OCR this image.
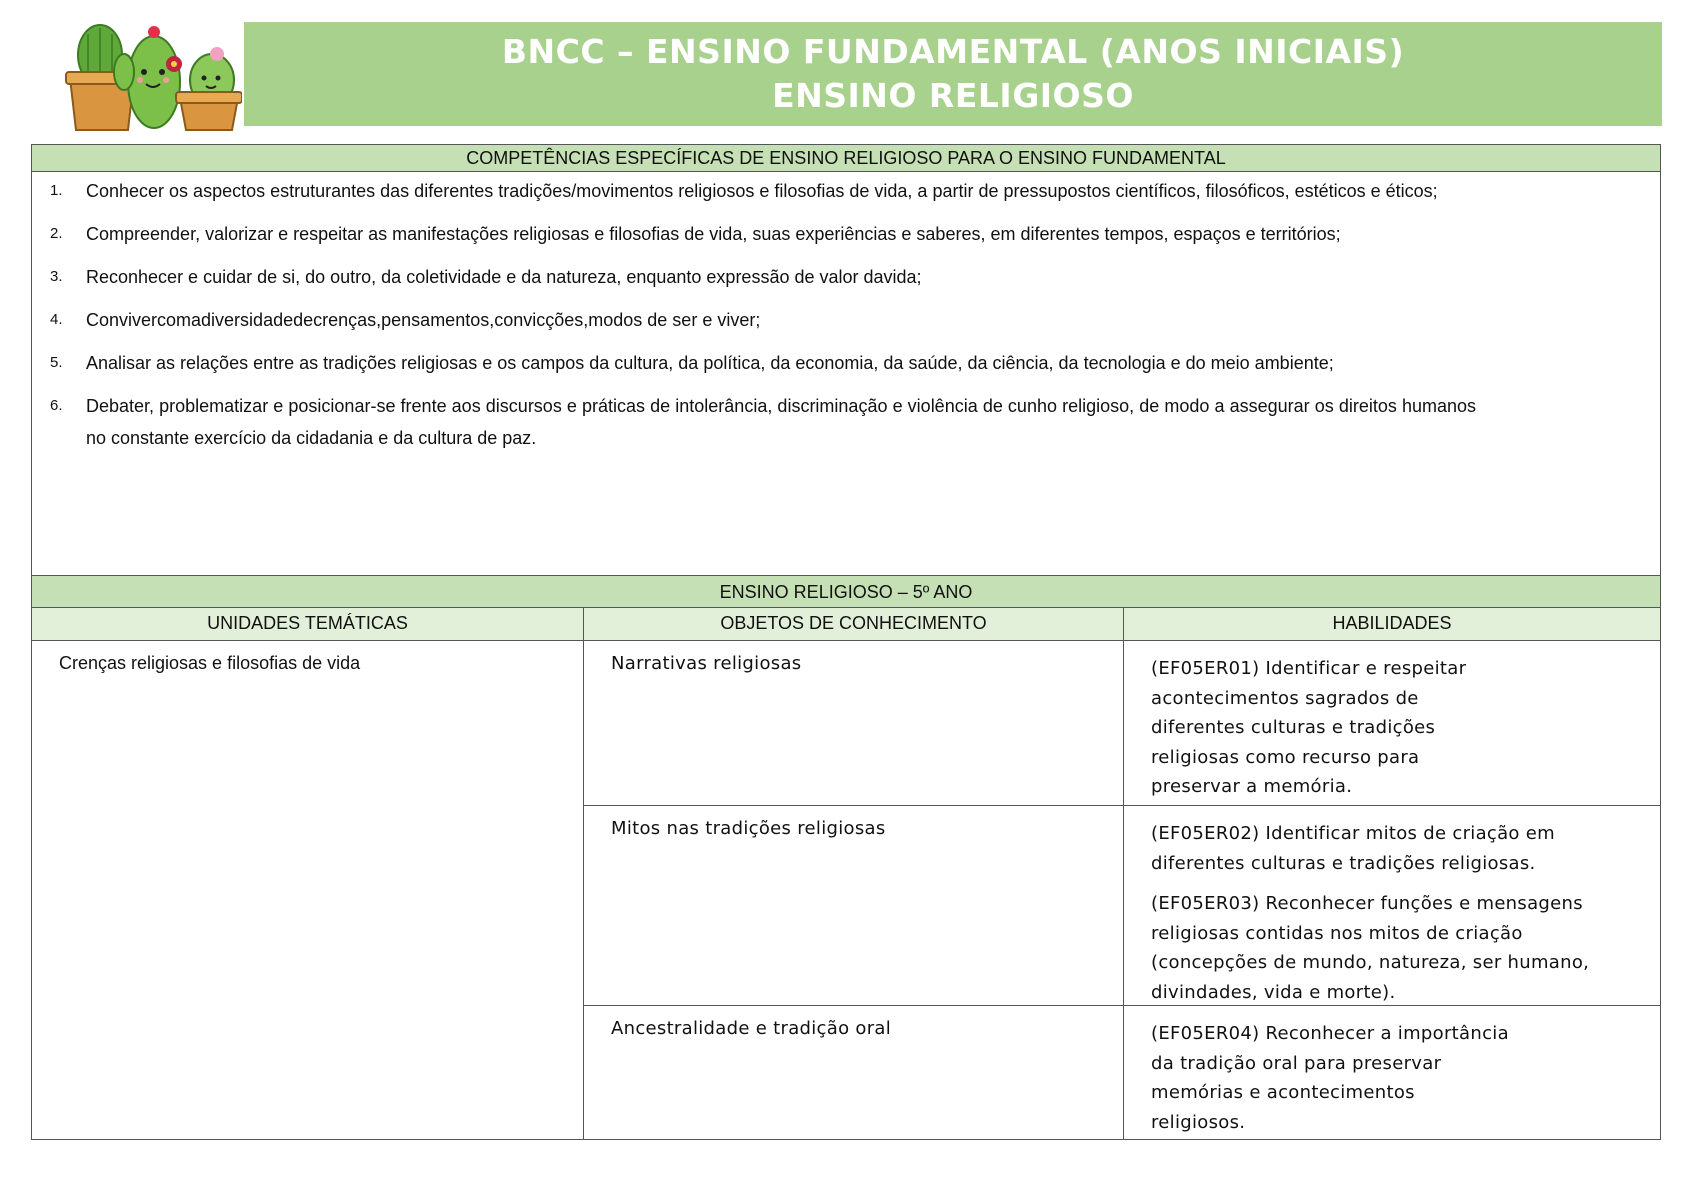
BNCC – ENSINO FUNDAMENTAL (ANOS INICIAIS)
ENSINO RELIGIOSO
COMPETÊNCIAS ESPECÍFICAS DE ENSINO RELIGIOSO PARA O ENSINO FUNDAMENTAL
1. Conhecer os aspectos estruturantes das diferentes tradições/movimentos religiosos e filosofias de vida, a partir de pressupostos científicos, filosóficos, estéticos e éticos;
2. Compreender, valorizar e respeitar as manifestações religiosas e filosofias de vida, suas experiências e saberes, em diferentes tempos, espaços e territórios;
3. Reconhecer e cuidar de si, do outro, da coletividade e da natureza, enquanto expressão de valor davida;
4. Convivercomadiversidadedecrenças,pensamentos,convicções,modos de ser e viver;
5. Analisar as relações entre as tradições religiosas e os campos da cultura, da política, da economia, da saúde, da ciência, da tecnologia e do meio ambiente;
6. Debater, problematizar e posicionar-se frente aos discursos e práticas de intolerância, discriminação e violência de cunho religioso, de modo a assegurar os direitos humanos no constante exercício da cidadania e da cultura de paz.
ENSINO RELIGIOSO – 5º ANO
UNIDADES TEMÁTICAS	OBJETOS DE CONHECIMENTO	HABILIDADES
Crenças religiosas e filosofias de vida	Narrativas religiosas	(EF05ER01) Identificar e respeitar acontecimentos sagrados de diferentes culturas e tradições religiosas como recurso para preservar a memória.

Mitos nas tradições religiosas	(EF05ER02) Identificar mitos de criação em diferentes culturas e tradições religiosas.

(EF05ER03) Reconhecer funções e mensagens religiosas contidas nos mitos de criação (concepções de mundo, natureza, ser humano, divindades, vida e morte).

Ancestralidade e tradição oral	(EF05ER04) Reconhecer a importância da tradição oral para preservar memórias e acontecimentos religiosos.
